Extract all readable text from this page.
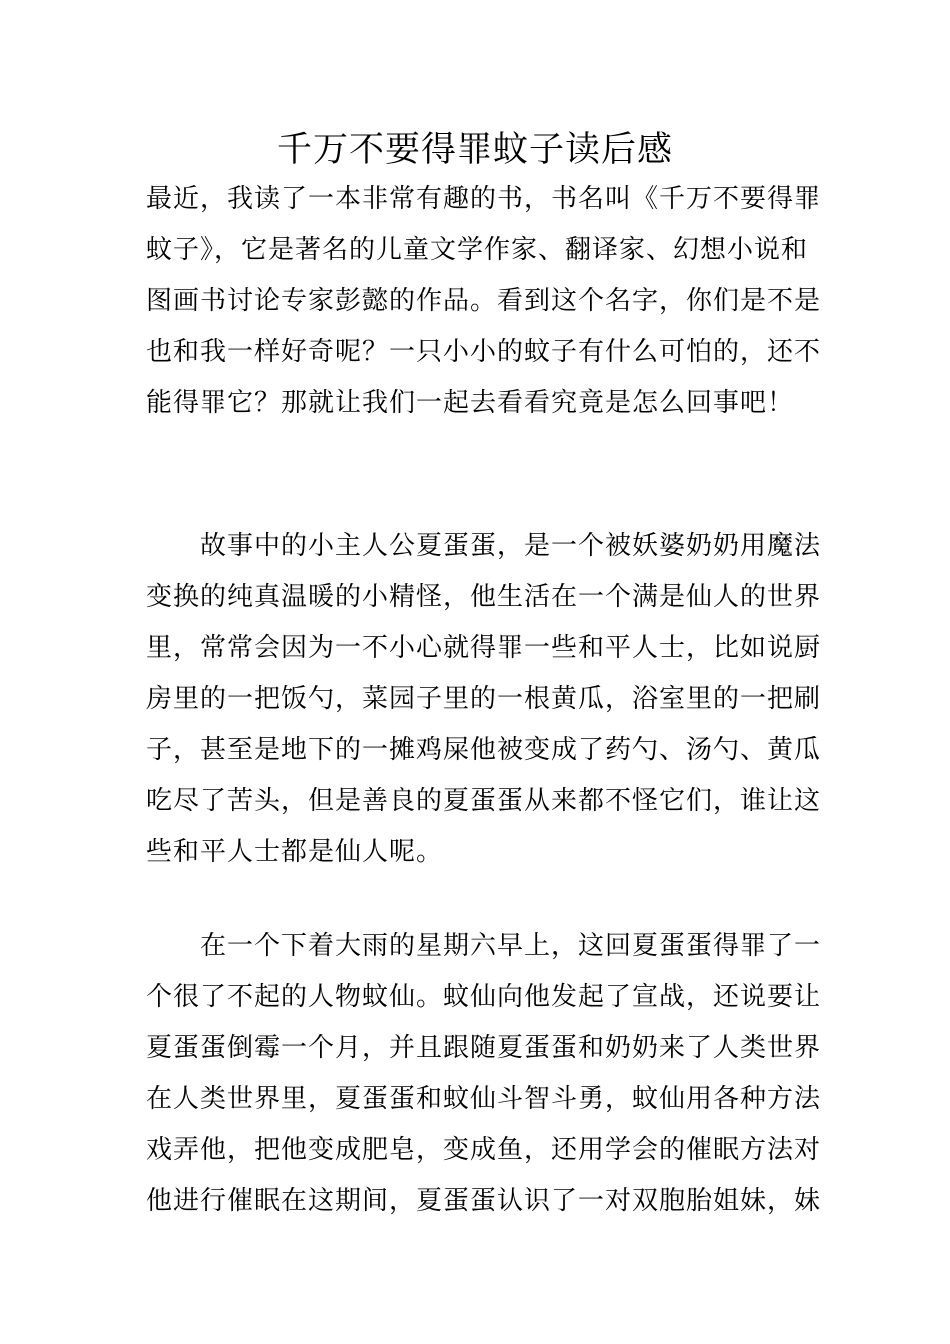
千万不要得罪蚊子读后感
最近，我读了一本非常有趣的书，书名叫《千万不要得罪
蚊子》，它是著名的儿童文学作家、翻译家、幻想小说和
图画书讨论专家彭懿的作品。看到这个名字，你们是不是
也和我一样好奇呢？一只小小的蚊子有什么可怕的，还不
能得罪它？那就让我们一起去看看究竟是怎么回事吧！
　　故事中的小主人公夏蛋蛋，是一个被妖婆奶奶用魔法
变换的纯真温暖的小精怪，他生活在一个满是仙人的世界
里，常常会因为一不小心就得罪一些和平人士，比如说厨
房里的一把饭勺，菜园子里的一根黄瓜，浴室里的一把刷
子，甚至是地下的一摊鸡屎他被变成了药勺、汤勺、黄瓜
吃尽了苦头，但是善良的夏蛋蛋从来都不怪它们，谁让这
些和平人士都是仙人呢。
　　在一个下着大雨的星期六早上，这回夏蛋蛋得罪了一
个很了不起的人物蚊仙。蚊仙向他发起了宣战，还说要让
夏蛋蛋倒霉一个月，并且跟随夏蛋蛋和奶奶来了人类世界
在人类世界里，夏蛋蛋和蚊仙斗智斗勇，蚊仙用各种方法
戏弄他，把他变成肥皂，变成鱼，还用学会的催眠方法对
他进行催眠在这期间，夏蛋蛋认识了一对双胞胎姐妹，妹
